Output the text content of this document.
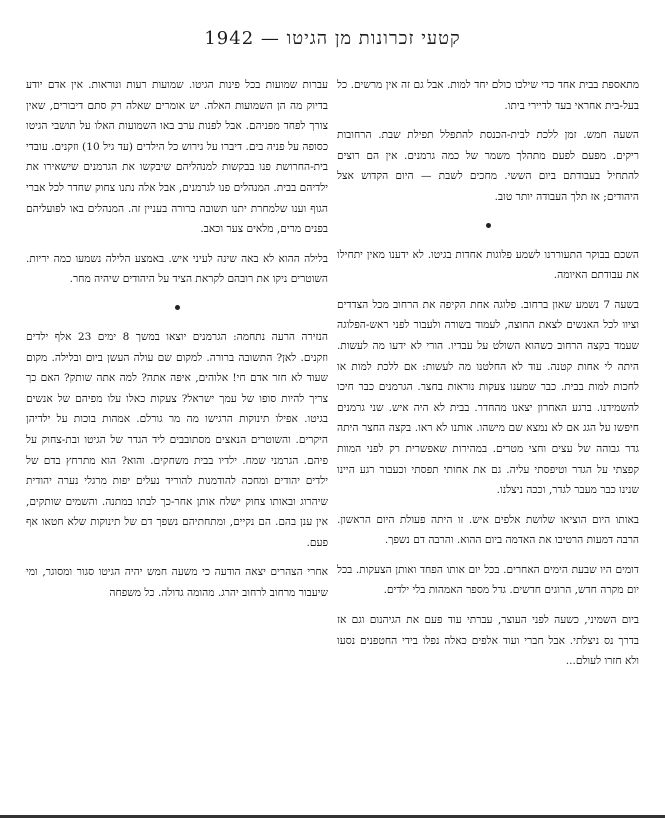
קטעי זכרונות מן הגיטו — 1942

עברות שמועות בכל פינות הגיטו. שמועות רעות ונוראות. אין אדם יודע בדיוק מה הן השמועות האלה. יש אומרים שאלה רק סתם דיבורים, שאין צורך לפחד מפניהם. אבל לפנות ערב באו השמועות האלו על תושבי הגיטו כסופה על פניה בים. דיברו על גירוש כל הילדים (עד גיל 10) וזקנים. עובדי בית-החרושת פנו בבקשות למנהליהם שיבקשו את הגרמנים שישאירו את ילדיהם בבית. המנהלים פנו לגרמנים, אבל אלה נתנו צחוק שחדר לכל אברי הגוף וענו שלמחרת יתנו תשובה ברורה בעניין זה. המנהלים באו לפועליהם בפנים מרים, מלאים צער וכאב.

בלילה ההוא לא באה שינה לעיני איש. באמצע הלילה נשמעו כמה יריות. השוטרים ניקו את רובהם לקראת הציד על היהודים שיהיה מחר.

הנזירה הרעה נתחמה: הגרמנים יוצאו במשך 8 ימים 23 אלף ילדים וזקנים. לאן? התשובה ברורה. למקום שם עולה העשן ביום ובלילה. מקום שעוד לא חזר אדם חי! אלוהים, איפה אתה? למה אתה שותק? האם כך צריך להיות סופו של עמך ישראל? צעקות כאלו עלו מפיהם של אנשים בגיטו. אפילו תינוקות הרגישו מה מר גורלם. אמהות בוכות על ילדיהן היקרים. והשוטרים הנאצים מסתובבים ליד הגדר של הגיטו ובת-צחוק על פיהם. הגרמני שמח. ילדיו בבית משחקים. והוא? הוא מתרחץ בדם של ילדים יהודים ומחכה להודמנות להוריד נעלים יפות מרגלי נערה יהודית שיהרוג ובאותו צחוק ישלח אותן אחר-כך לבתו במתנה. והשמים שותקים, אין ענן בהם. הם נקיים, ומתחתיהם נשפך דם של תינוקות שלא חטאו אף פעם.

אחרי הצהרים יצאה הודעה כי משעה חמש יהיה הגיטו סגור ומסוגר, ומי שיעבור מרחוב לרחוב יהרג. מהומה גדולה. כל משפחה

מתאספת בבית אחד כדי שילכו כולם יחד למות. אבל גם זה אין מרשים. כל בעל-בית אחראי בעד לדיירי ביתו.

השעה חמש. זמן ללכת לבית-הכנסת להתפלל תפילת שבת. הרחובות ריקים. מפעם לפעם מתהלך משמר של כמה גרמנים. אין הם רוצים להתחיל בעבודתם ביום הששי. מחכים לשבת — היום הקדוש אצל היהודים; אז תלך העבודה יותר טוב.

השכם בבוקר התעוררנו לשמע פלוגות אחדות בגיטו. לא ידענו מאין יתחילו את עבודתם האיומה.

בשעה 7 נשמע שאון ברחוב. פלוגה אחת הקיפה את הרחוב מכל הצדדים וציוו לכל האנשים לצאת החוצה, לעמוד בשורה ולעבור לפני ראש-הפלוגה שעמד בקצה הרחוב כשהוא השולט על עבדיו. הורי לא ידעו מה לעשות. היתה לי אחות קטנה. עוד לא החלטנו מה לעשות: אם ללכת למות או לחכות למות בבית. כבר שמענו צעקות נוראות בחצר. הגרמנים כבר חיכו להשמידנו. ברגע האחרון יצאנו מהחדר. בבית לא היה איש. שני גרמנים חיפשו על הגג אם לא נמצא שם מישהו. אותנו לא ראו. בקצה החצר היתה גדר גבוהה של עצים וחצי מטרים. במהירות שאפשרית רק לפני המוות קפצתי על הגדר וטיפסתי עליה. גם את אחותי תפסתי וכעבור רגע היינו שנינו כבר מעבר לגדר, וככה ניצלנו.

באותו היום הוציאו שלושת אלפים איש. זו היתה פעולת היום הראשון. הרבה דמעות הרטיבו את האדמה ביום ההוא. והרבה דם נשפך.

דומים היו שבעת הימים האחרים. בכל יום אותו הפחד ואותן הצעקות. בכל יום מקרה חדש, הרוגים חדשים. גדל מספר האמהות בלי ילדים.

ביום השמיני, כשעה לפני העוצר, עברתי עוד פעם את הגיהנום וגם אז בדרך נס ניצלתי. אבל חברי ועוד אלפים כאלה נפלו בידי החטפנים נסעו ולא חזרו לעולם...
